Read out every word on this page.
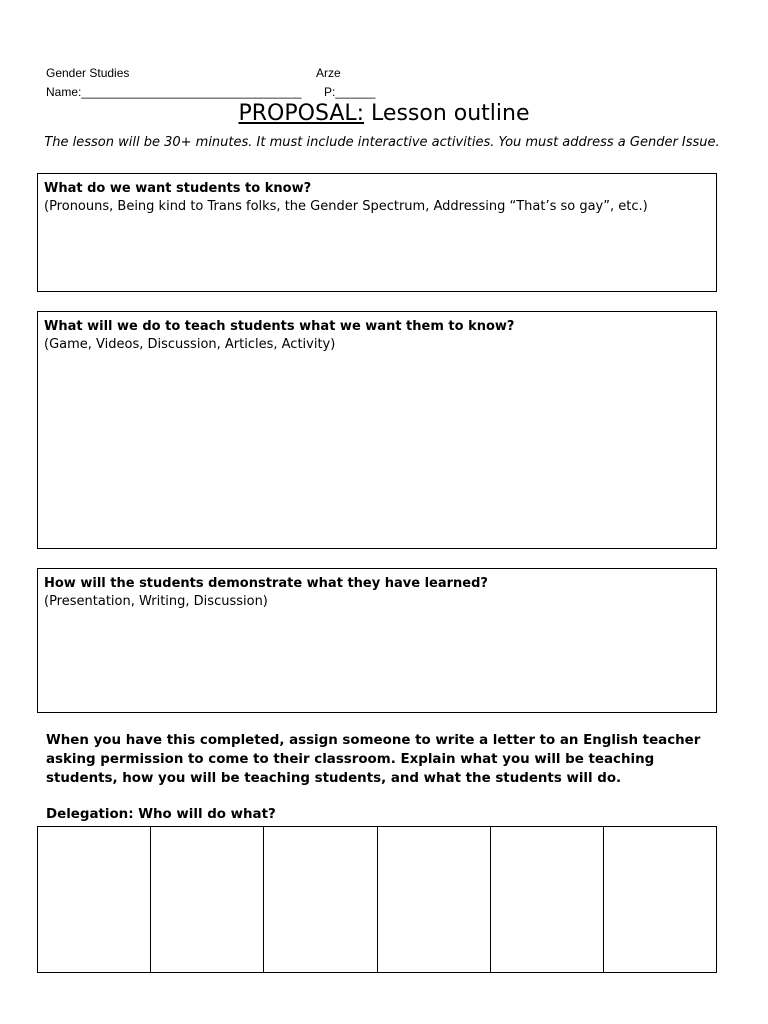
Gender Studies	Arze
Name:_________________________________ P:______
PROPOSAL: Lesson outline
The lesson will be 30+ minutes. It must include interactive activities. You must address a Gender Issue.
What do we want students to know?
(Pronouns, Being kind to Trans folks, the Gender Spectrum, Addressing “That’s so gay”, etc.)
What will we do to teach students what we want them to know?
(Game, Videos, Discussion, Articles, Activity)
How will the students demonstrate what they have learned?
(Presentation, Writing, Discussion)
When you have this completed, assign someone to write a letter to an English teacher asking permission to come to their classroom. Explain what you will be teaching students, how you will be teaching students, and what the students will do.
Delegation: Who will do what?
